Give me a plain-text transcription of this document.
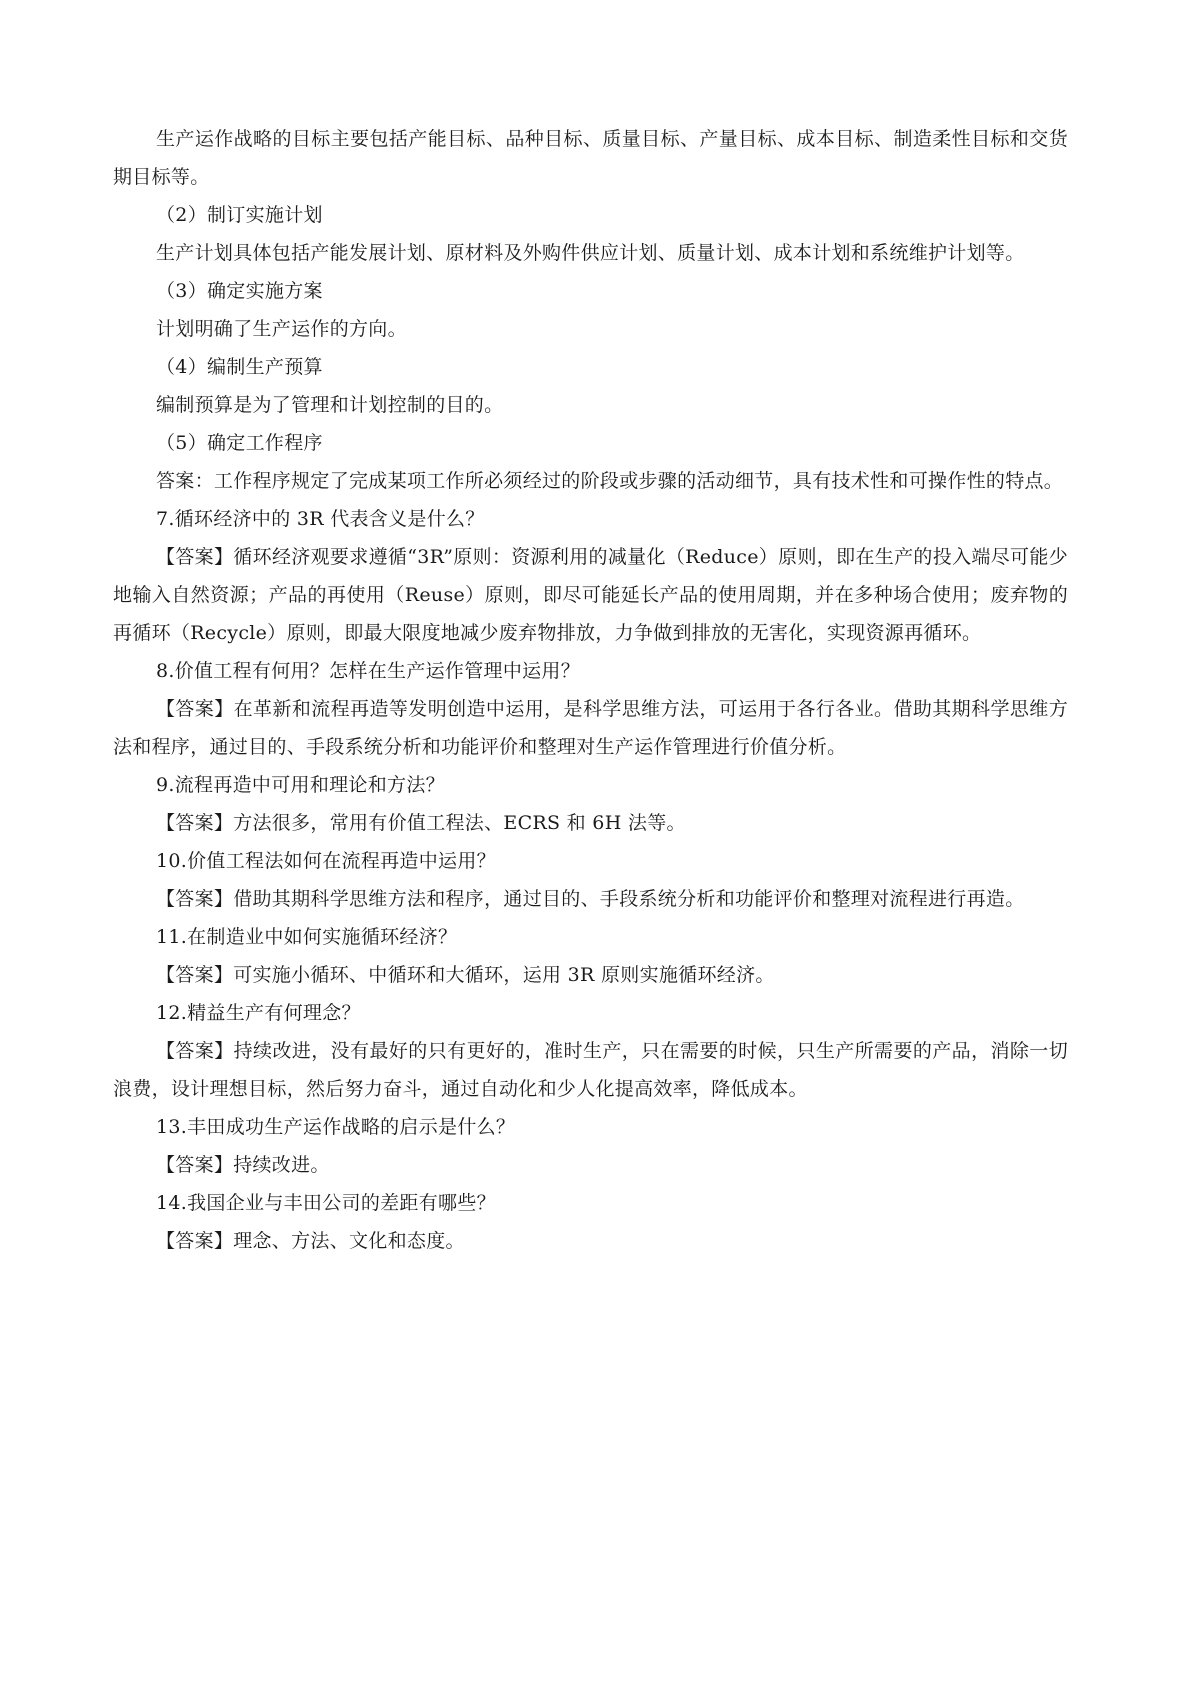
生产运作战略的目标主要包括产能目标、品种目标、质量目标、产量目标、成本目标、制造柔性目标和交货期目标等。

（2）制订实施计划

生产计划具体包括产能发展计划、原材料及外购件供应计划、质量计划、成本计划和系统维护计划等。

（3）确定实施方案

计划明确了生产运作的方向。

（4）编制生产预算

编制预算是为了管理和计划控制的目的。

（5）确定工作程序

答案：工作程序规定了完成某项工作所必须经过的阶段或步骤的活动细节，具有技术性和可操作性的特点。

7.循环经济中的 3R 代表含义是什么？

【答案】循环经济观要求遵循“3R”原则：资源利用的减量化（Reduce）原则，即在生产的投入端尽可能少地输入自然资源；产品的再使用（Reuse）原则，即尽可能延长产品的使用周期，并在多种场合使用；废弃物的再循环（Recycle）原则，即最大限度地减少废弃物排放，力争做到排放的无害化，实现资源再循环。

8.价值工程有何用？怎样在生产运作管理中运用？

【答案】在革新和流程再造等发明创造中运用，是科学思维方法，可运用于各行各业。借助其期科学思维方法和程序，通过目的、手段系统分析和功能评价和整理对生产运作管理进行价值分析。

9.流程再造中可用和理论和方法？

【答案】方法很多，常用有价值工程法、ECRS 和 6H 法等。

10.价值工程法如何在流程再造中运用？

【答案】借助其期科学思维方法和程序，通过目的、手段系统分析和功能评价和整理对流程进行再造。

11.在制造业中如何实施循环经济？

【答案】可实施小循环、中循环和大循环，运用 3R 原则实施循环经济。

12.精益生产有何理念？

【答案】持续改进，没有最好的只有更好的，准时生产，只在需要的时候，只生产所需要的产品，消除一切浪费，设计理想目标，然后努力奋斗，通过自动化和少人化提高效率，降低成本。

13.丰田成功生产运作战略的启示是什么？

【答案】持续改进。

14.我国企业与丰田公司的差距有哪些？

【答案】理念、方法、文化和态度。
